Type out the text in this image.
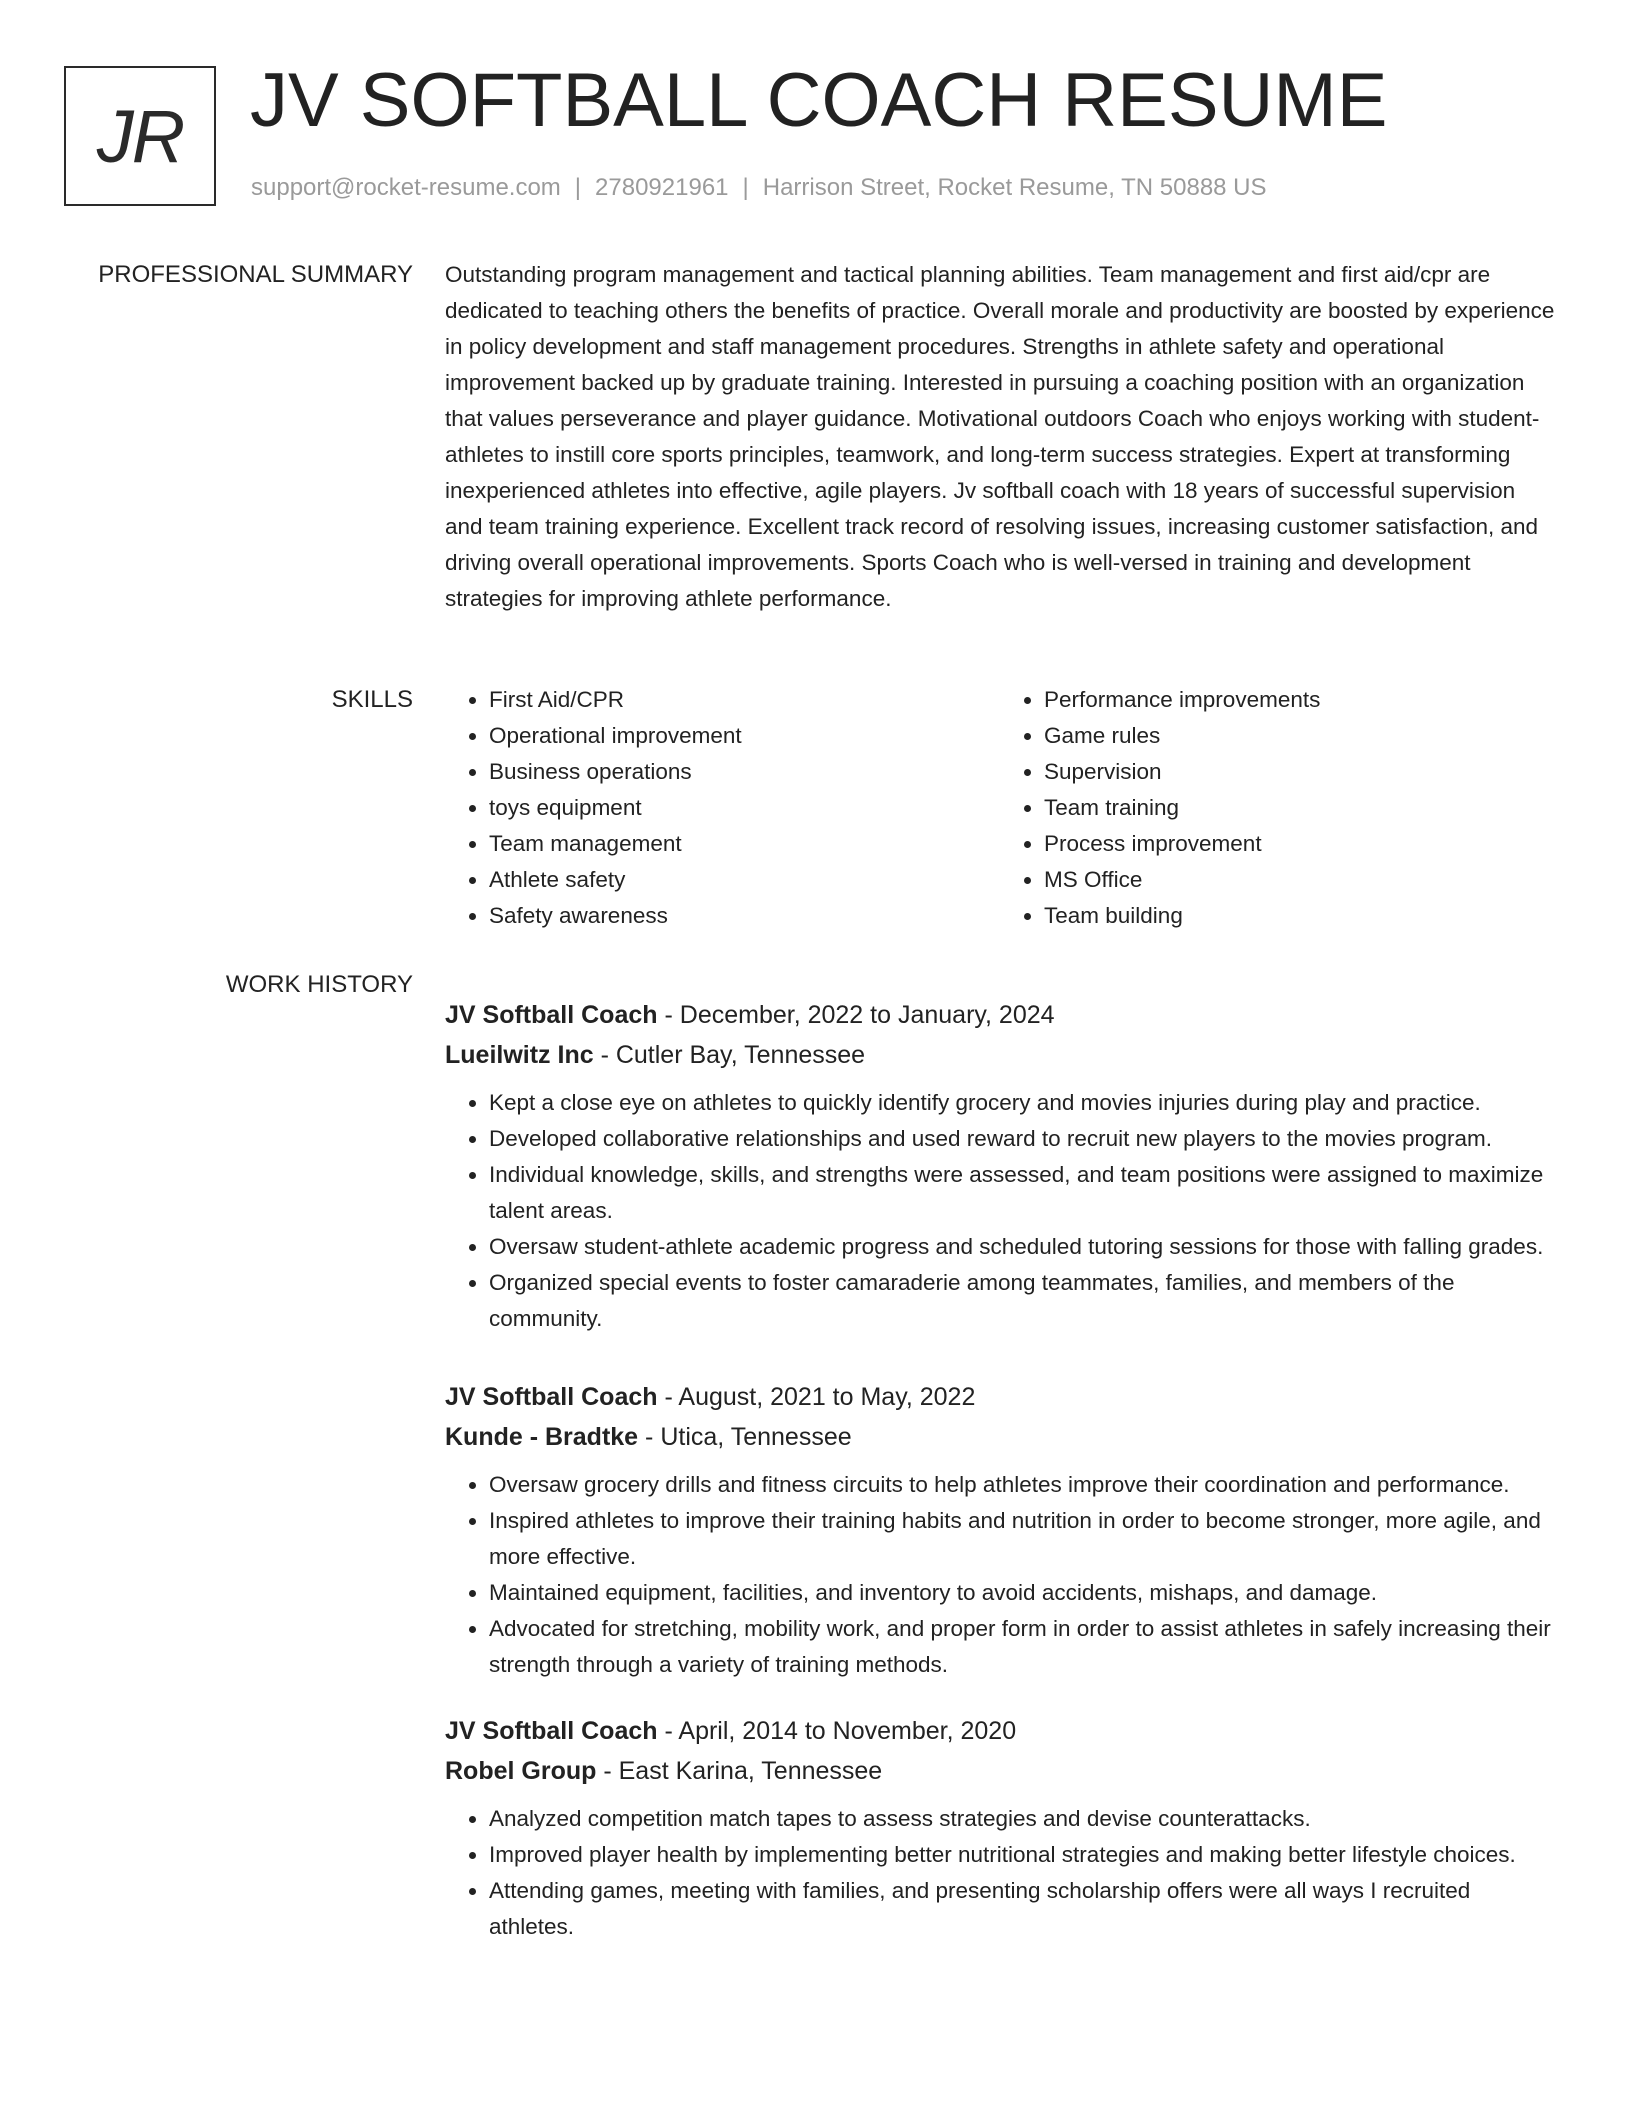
JR JV SOFTBALL COACH RESUME
support@rocket-resume.com | 2780921961 | Harrison Street, Rocket Resume, TN 50888 US
PROFESSIONAL SUMMARY Outstanding program management and tactical planning abilities. Team management and first aid/cpr are dedicated to teaching others the benefits of practice. Overall morale and productivity are boosted by experience in policy development and staff management procedures. Strengths in athlete safety and operational improvement backed up by graduate training. Interested in pursuing a coaching position with an organization that values perseverance and player guidance. Motivational outdoors Coach who enjoys working with student-athletes to instill core sports principles, teamwork, and long-term success strategies. Expert at transforming inexperienced athletes into effective, agile players. Jv softball coach with 18 years of successful supervision and team training experience. Excellent track record of resolving issues, increasing customer satisfaction, and driving overall operational improvements. Sports Coach who is well-versed in training and development strategies for improving athlete performance.

SKILLS
•	First Aid/CPR
• Operational improvement
• Business operations
• toys equipment
• Team management
• Athlete safety
• Safety awareness
• Performance improvements
• Game rules
• Supervision
• Team training
• Process improvement
• MS Office
• Team building
WORK HISTORY
JV Softball Coach - December, 2022 to January, 2024
Lueilwitz Inc - Cutler Bay, Tennessee
• Kept a close eye on athletes to quickly identify grocery and movies injuries during play and practice.
• Developed collaborative relationships and used reward to recruit new players to the movies program.
• Individual knowledge, skills, and strengths were assessed, and team positions were assigned to maximize talent areas.
• Oversaw student-athlete academic progress and scheduled tutoring sessions for those with falling grades.
• Organized special events to foster camaraderie among teammates, families, and members of the community.
JV Softball Coach - August, 2021 to May, 2022
Kunde - Bradtke - Utica, Tennessee
• Oversaw grocery drills and fitness circuits to help athletes improve their coordination and performance.
• Inspired athletes to improve their training habits and nutrition in order to become stronger, more agile, and more effective.
• Maintained equipment, facilities, and inventory to avoid accidents, mishaps, and damage.
• Advocated for stretching, mobility work, and proper form in order to assist athletes in safely increasing their strength through a variety of training methods.
JV Softball Coach - April, 2014 to November, 2020
Robel Group - East Karina, Tennessee
• Analyzed competition match tapes to assess strategies and devise counterattacks.
• Improved player health by implementing better nutritional strategies and making better lifestyle choices.
• Attending games, meeting with families, and presenting scholarship offers were all ways I recruited athletes.
